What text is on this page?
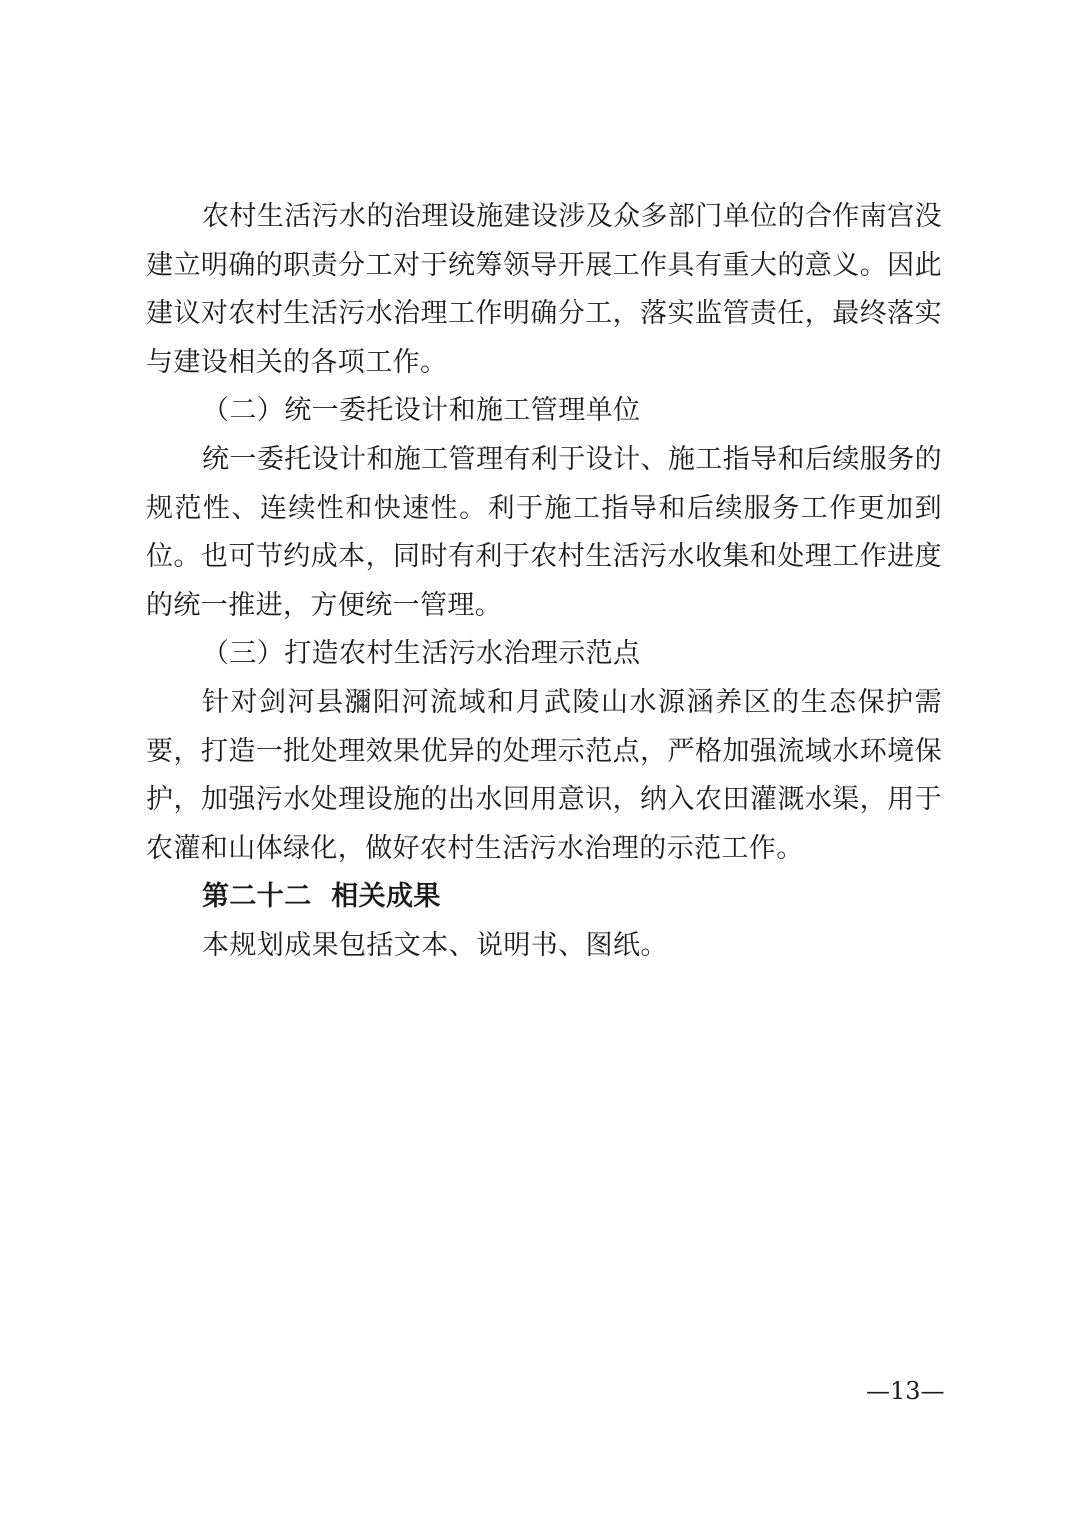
农村生活污水的治理设施建设涉及众多部门单位的合作南宫没建立明确的职责分工对于统筹领导开展工作具有重大的意义。因此建议对农村生活污水治理工作明确分工，落实监管责任，最终落实与建设相关的各项工作。
（二）统一委托设计和施工管理单位
统一委托设计和施工管理有利于设计、施工指导和后续服务的规范性、连续性和快速性。利于施工指导和后续服务工作更加到位。也可节约成本，同时有利于农村生活污水收集和处理工作进度的统一推进，方便统一管理。
（三）打造农村生活污水治理示范点
针对剑河县瀰阳河流域和月武陵山水源涵养区的生态保护需要，打造一批处理效果优异的处理示范点，严格加强流域水环境保护，加强污水处理设施的出水回用意识，纳入农田灌溉水渠，用于农灌和山体绿化，做好农村生活污水治理的示范工作。
第二十二  相关成果
本规划成果包括文本、说明书、图纸。
—13—
